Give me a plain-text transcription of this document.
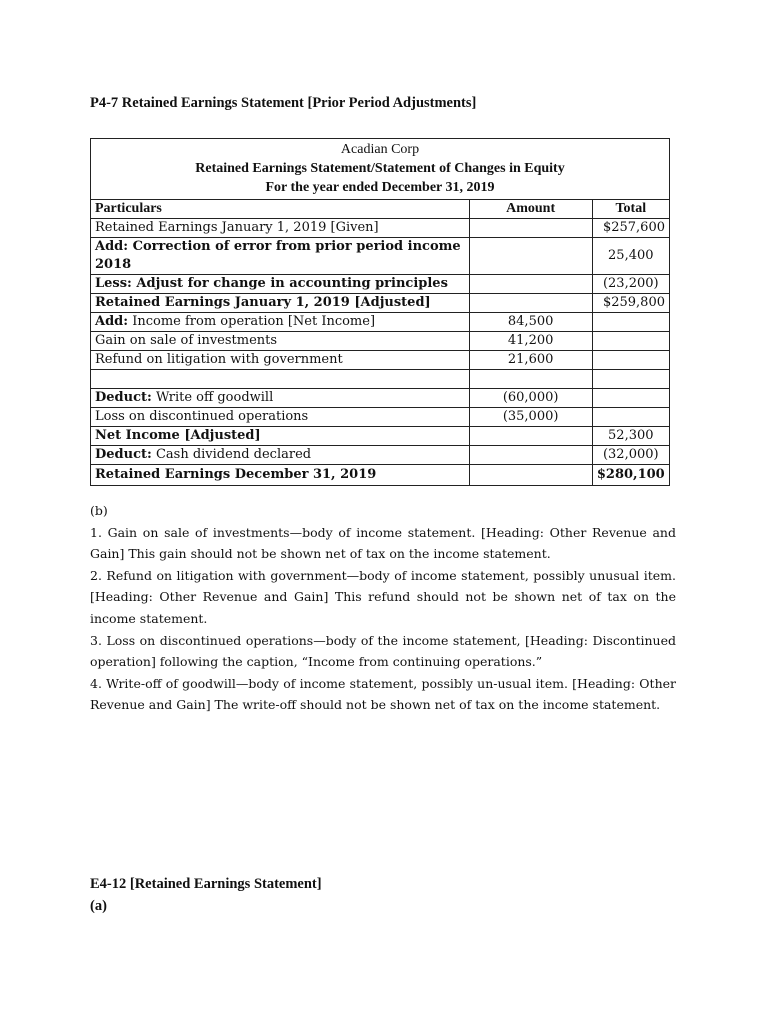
P4-7 Retained Earnings Statement [Prior Period Adjustments]
Acadian Corp
Retained Earnings Statement/Statement of Changes in Equity
For the year ended December 31, 2019		

Particulars	Amount	Total
Retained Earnings January 1, 2019 [Given]		$257,600
Add: Correction of error from prior period income 2018		25,400
Less: Adjust for change in accounting principles		(23,200)
Retained Earnings January 1, 2019 [Adjusted]		$259,800
Add: Income from operation [Net Income]	84,500	
Gain on sale of investments	41,200	
Refund on litigation with government	21,600	

Deduct: Write off goodwill	(60,000)	
Loss on discontinued operations	(35,000)	
Net Income [Adjusted]		52,300
Deduct: Cash dividend declared		(32,000)
Retained Earnings December 31, 2019		$280,100

(b)

1. Gain on sale of investments—body of income statement. [Heading: Other Revenue and Gain] This gain should not be shown net of tax on the income statement.

2. Refund on litigation with government—body of income statement, possibly unusual item. [Heading: Other Revenue and Gain] This refund should not be shown net of tax on the income statement.

3. Loss on discontinued operations—body of the income statement, [Heading: Discontinued operation] following the caption, “Income from continuing operations.”

4. Write-off of goodwill—body of income statement, possibly un-usual item. [Heading: Other Revenue and Gain] The write-off should not be shown net of tax on the income statement.

E4-12 [Retained Earnings Statement]
(a)
